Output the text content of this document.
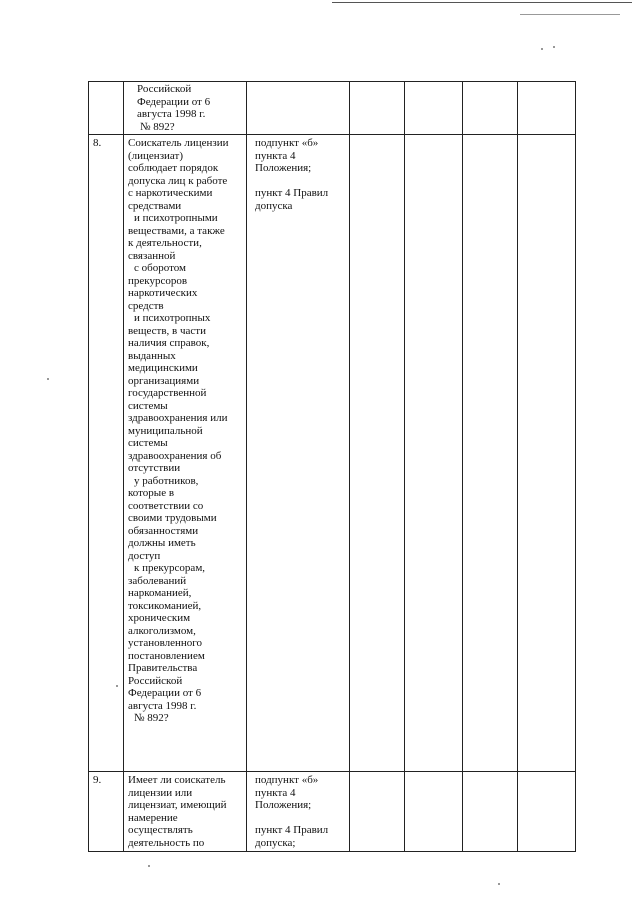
Российской
Федерации от 6
августа 1998 г.
№ 892?
8. Соискатель лицензии
(лицензиат)
соблюдает порядок
допуска лиц к работе
с наркотическими
средствами
и психотропными
веществами, а также
к деятельности,
связанной
с оборотом
прекурсоров
наркотических
средств
и психотропных
веществ, в части
наличия справок,
выданных
медицинскими
организациями
государственной
системы
здравоохранения или
муниципальной
системы
здравоохранения об
отсутствии
у работников,
которые в
соответствии со
своими трудовыми
обязанностями
должны иметь
доступ
к прекурсорам,
заболеваний
наркоманией,
токсикоманией,
хроническим
алкоголизмом,
установленного
постановлением
Правительства
Российской
Федерации от 6
августа 1998 г.
№ 892?
подпункт «б»
пункта 4
Положения;

пункт 4 Правил
допуска
9. Имеет ли соискатель
лицензии или
лицензиат, имеющий
намерение
осуществлять
деятельность по
подпункт «б»
пункта 4
Положения;

пункт 4 Правил
допуска;
